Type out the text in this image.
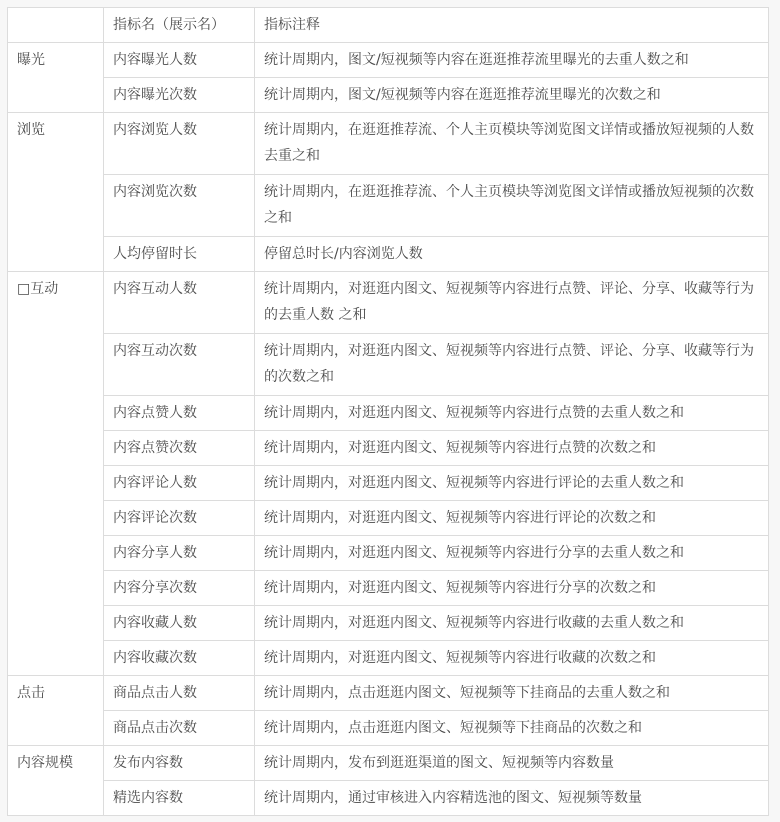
	指标名（展示名）	指标注释
曝光	内容曝光人数	统计周期内，图文/短视频等内容在逛逛推荐流里曝光的去重人数之和
	内容曝光次数	统计周期内，图文/短视频等内容在逛逛推荐流里曝光的次数之和
浏览	内容浏览人数	统计周期内，在逛逛推荐流、个人主页模块等浏览图文详情或播放短视频的人数去重之和
	内容浏览次数	统计周期内，在逛逛推荐流、个人主页模块等浏览图文详情或播放短视频的次数之和
	人均停留时长	停留总时长/内容浏览人数
□互动	内容互动人数	统计周期内，对逛逛内图文、短视频等内容进行点赞、评论、分享、收藏等行为的去重人数 之和
	内容互动次数	统计周期内，对逛逛内图文、短视频等内容进行点赞、评论、分享、收藏等行为的次数之和
	内容点赞人数	统计周期内，对逛逛内图文、短视频等内容进行点赞的去重人数之和
	内容点赞次数	统计周期内，对逛逛内图文、短视频等内容进行点赞的次数之和
	内容评论人数	统计周期内，对逛逛内图文、短视频等内容进行评论的去重人数之和
	内容评论次数	统计周期内，对逛逛内图文、短视频等内容进行评论的次数之和
	内容分享人数	统计周期内，对逛逛内图文、短视频等内容进行分享的去重人数之和
	内容分享次数	统计周期内，对逛逛内图文、短视频等内容进行分享的次数之和
	内容收藏人数	统计周期内，对逛逛内图文、短视频等内容进行收藏的去重人数之和
	内容收藏次数	统计周期内，对逛逛内图文、短视频等内容进行收藏的次数之和
点击	商品点击人数	统计周期内，点击逛逛内图文、短视频等下挂商品的去重人数之和
	商品点击次数	统计周期内，点击逛逛内图文、短视频等下挂商品的次数之和
内容规模	发布内容数	统计周期内，发布到逛逛渠道的图文、短视频等内容数量
	精选内容数	统计周期内，通过审核进入内容精选池的图文、短视频等数量
